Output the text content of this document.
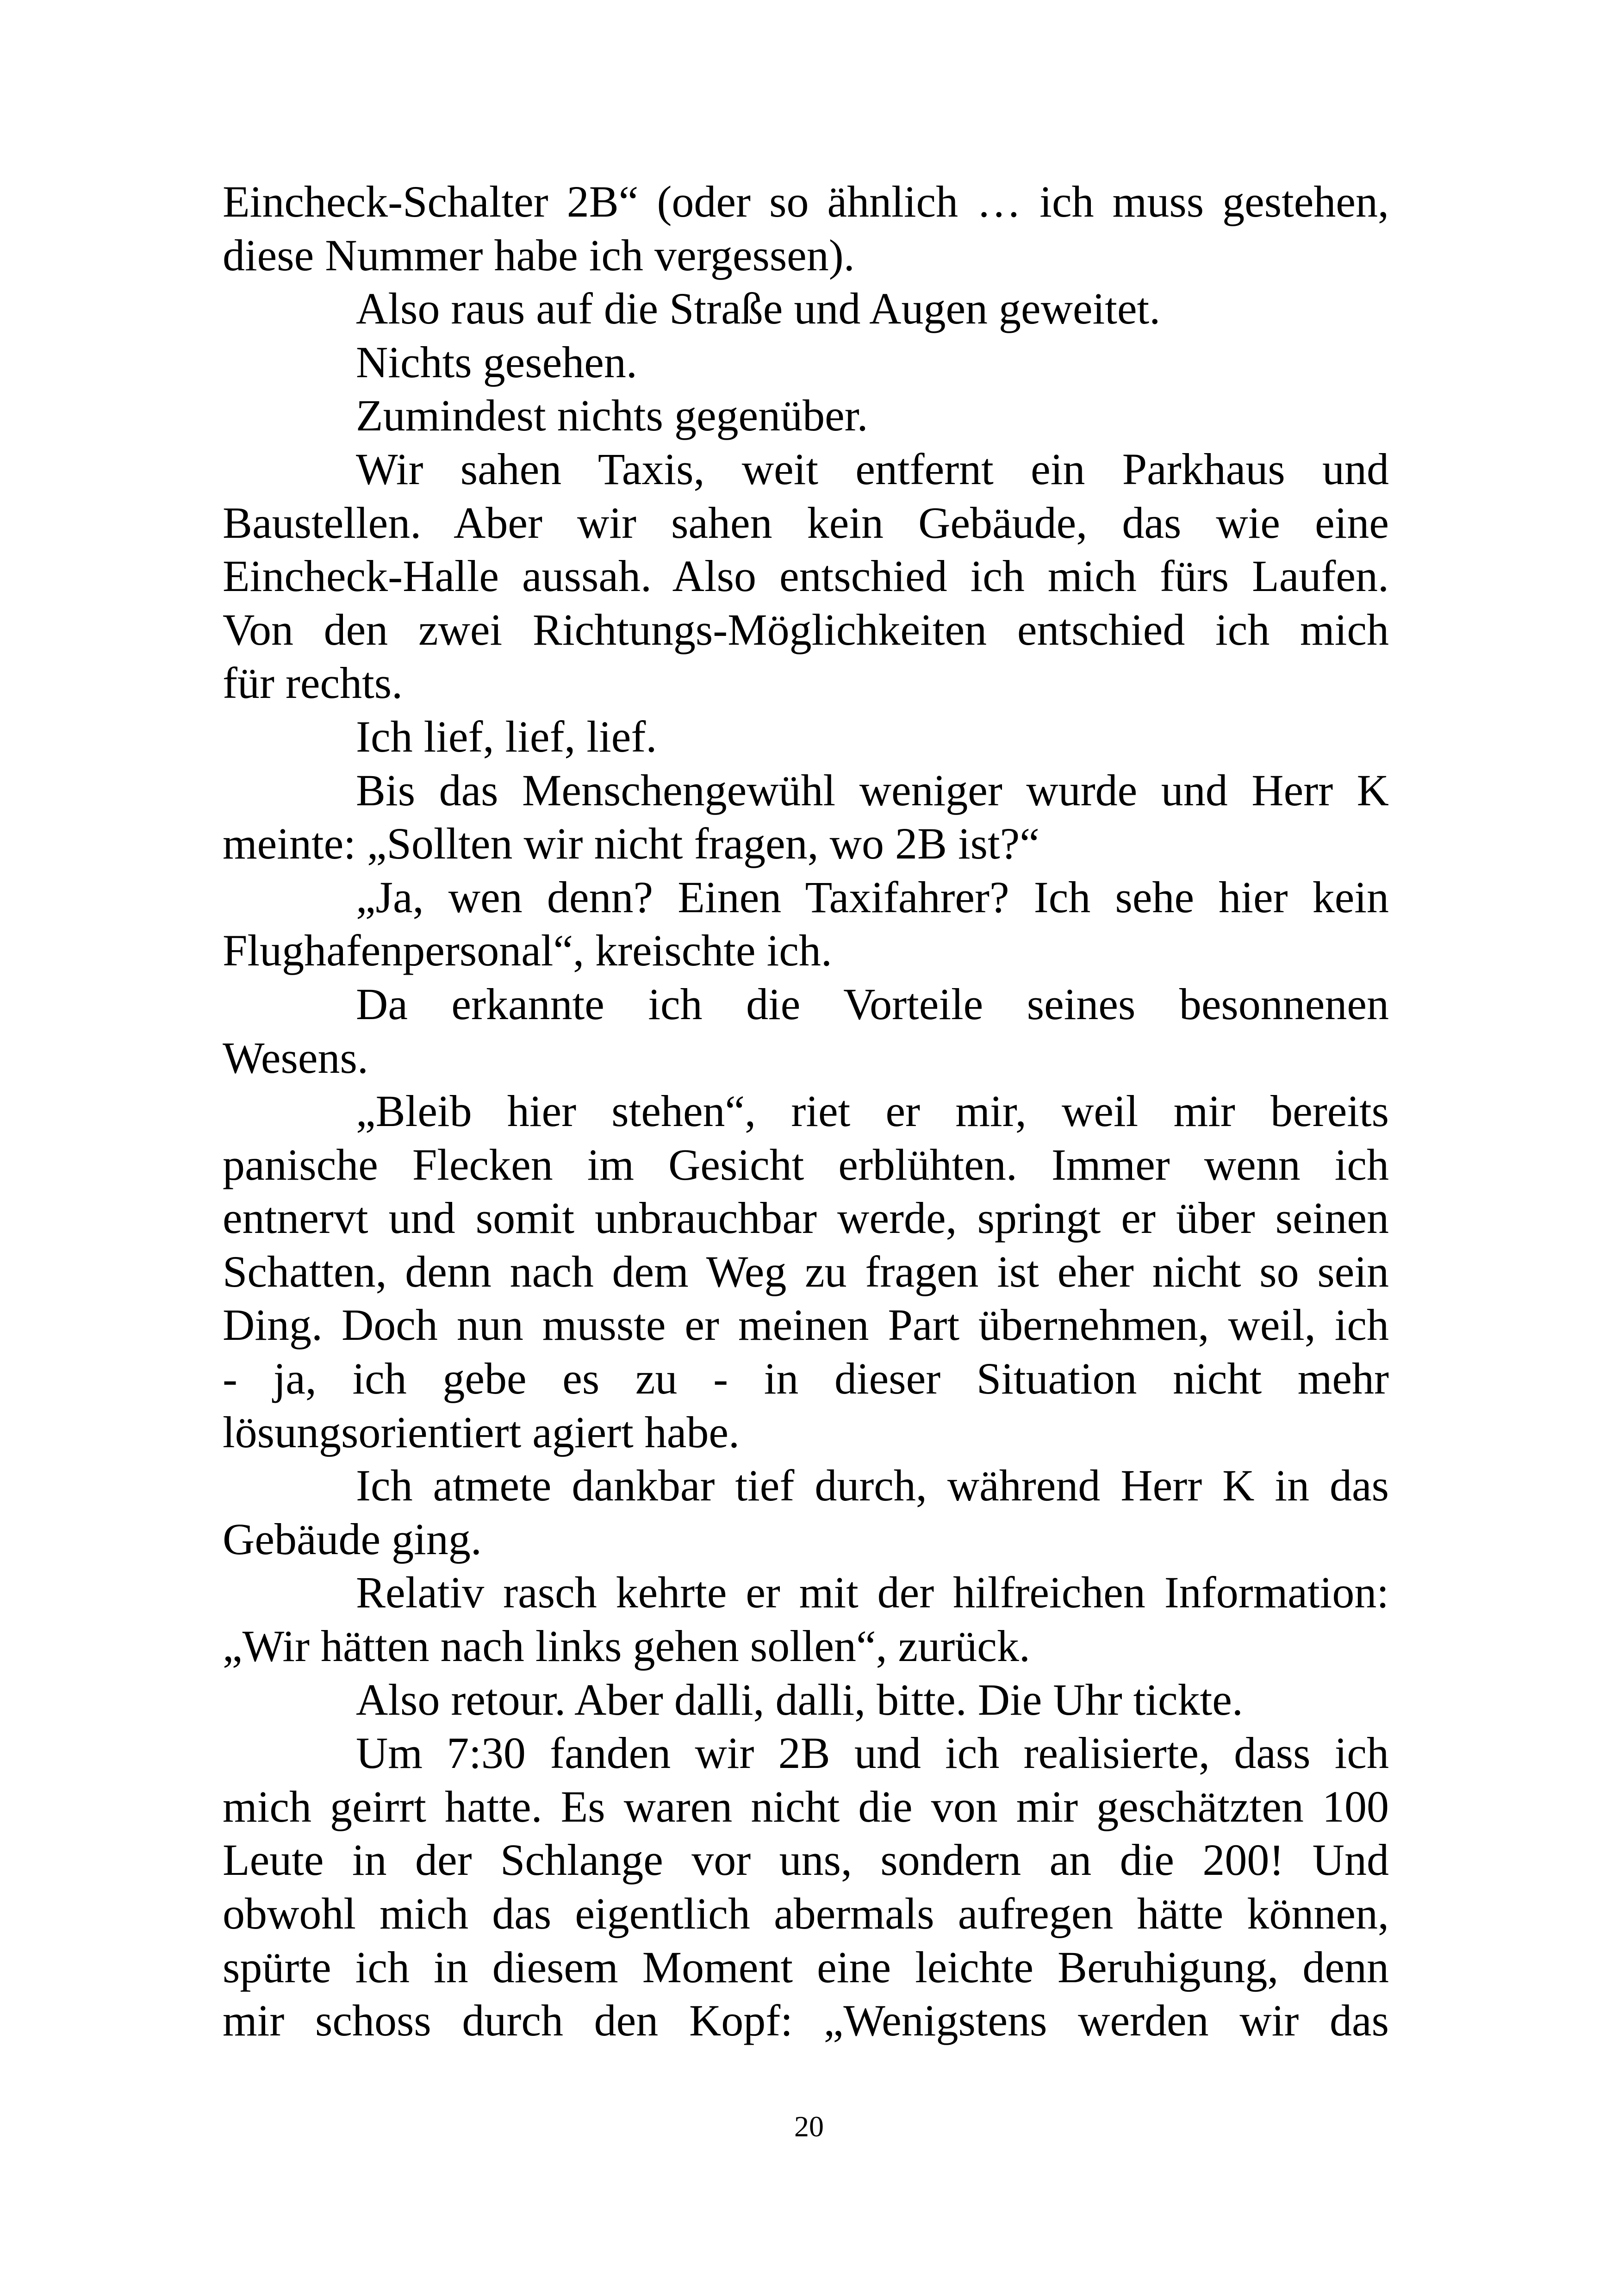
Eincheck-Schalter 2B“ (oder so ähnlich … ich muss gestehen,
diese Nummer habe ich vergessen).
Also raus auf die Straße und Augen geweitet.
Nichts gesehen.
Zumindest nichts gegenüber.
Wir sahen Taxis, weit entfernt ein Parkhaus und
Baustellen. Aber wir sahen kein Gebäude, das wie eine
Eincheck-Halle aussah. Also entschied ich mich fürs Laufen.
Von den zwei Richtungs-Möglichkeiten entschied ich mich
für rechts.
Ich lief, lief, lief.
Bis das Menschengewühl weniger wurde und Herr K
meinte: „Sollten wir nicht fragen, wo 2B ist?“
„Ja, wen denn? Einen Taxifahrer? Ich sehe hier kein
Flughafenpersonal“, kreischte ich.
Da erkannte ich die Vorteile seines besonnenen
Wesens.
„Bleib hier stehen“, riet er mir, weil mir bereits
panische Flecken im Gesicht erblühten. Immer wenn ich
entnervt und somit unbrauchbar werde, springt er über seinen
Schatten, denn nach dem Weg zu fragen ist eher nicht so sein
Ding. Doch nun musste er meinen Part übernehmen, weil, ich
- ja, ich gebe es zu - in dieser Situation nicht mehr
lösungsorientiert agiert habe.
Ich atmete dankbar tief durch, während Herr K in das
Gebäude ging.
Relativ rasch kehrte er mit der hilfreichen Information:
„Wir hätten nach links gehen sollen“, zurück.
Also retour. Aber dalli, dalli, bitte. Die Uhr tickte.
Um 7:30 fanden wir 2B und ich realisierte, dass ich
mich geirrt hatte. Es waren nicht die von mir geschätzten 100
Leute in der Schlange vor uns, sondern an die 200! Und
obwohl mich das eigentlich abermals aufregen hätte können,
spürte ich in diesem Moment eine leichte Beruhigung, denn
mir schoss durch den Kopf: „Wenigstens werden wir das
20
